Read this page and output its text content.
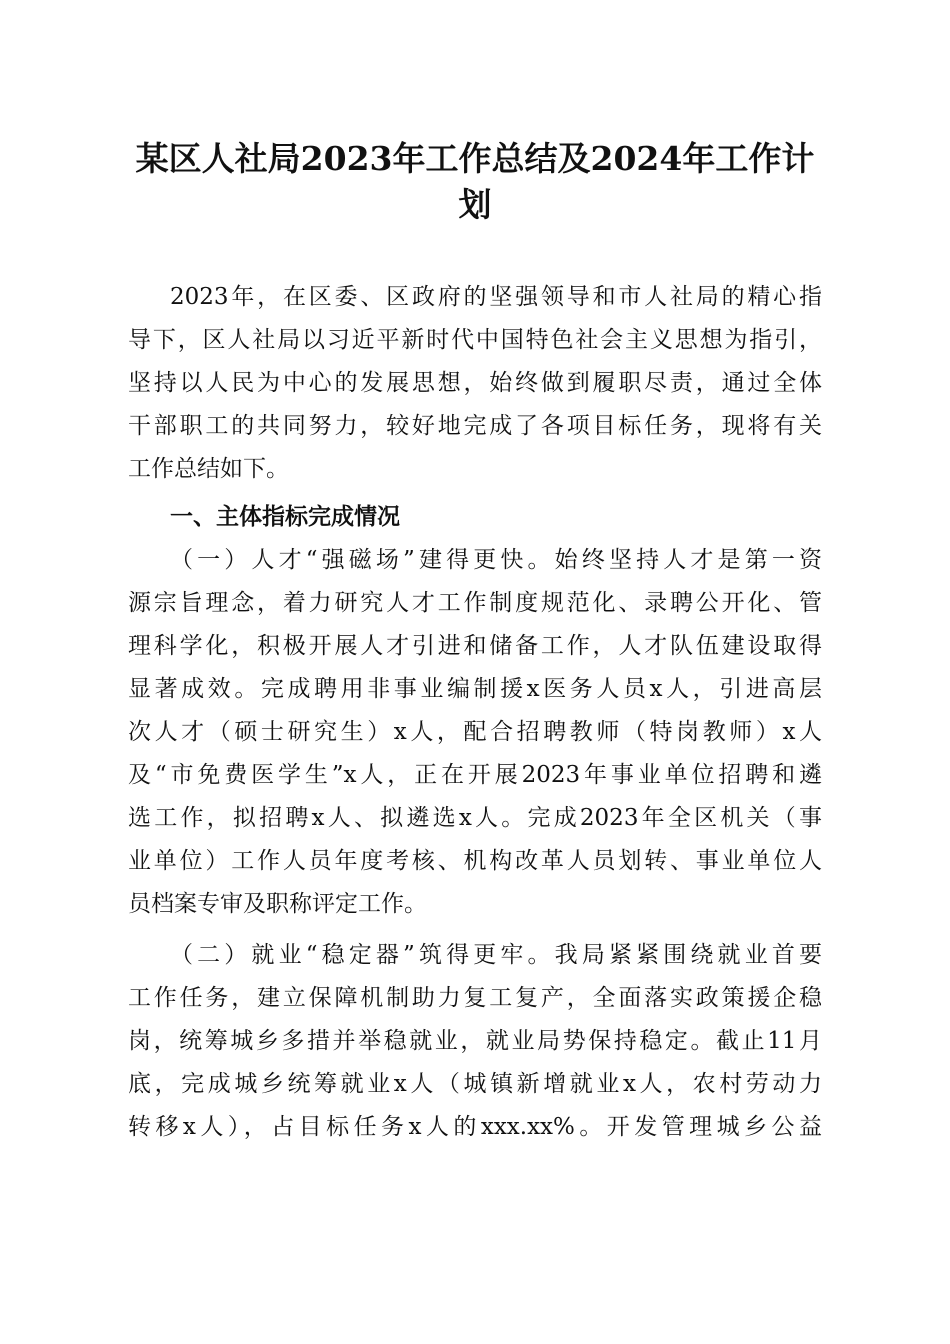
某区人社局2023年工作总结及2024年工作计
划
2023年，在区委、区政府的坚强领导和市人社局的精心指
导下，区人社局以习近平新时代中国特色社会主义思想为指引，
坚持以人民为中心的发展思想，始终做到履职尽责，通过全体
干部职工的共同努力，较好地完成了各项目标任务，现将有关
工作总结如下。
一、主体指标完成情况
（一）人才“强磁场”建得更快。始终坚持人才是第一资
源宗旨理念，着力研究人才工作制度规范化、录聘公开化、管
理科学化，积极开展人才引进和储备工作，人才队伍建设取得
显著成效。完成聘用非事业编制援x医务人员x人，引进高层
次人才（硕士研究生）x人，配合招聘教师（特岗教师）x人
及“市免费医学生”x人，正在开展2023年事业单位招聘和遴
选工作，拟招聘x人、拟遴选x人。完成2023年全区机关（事
业单位）工作人员年度考核、机构改革人员划转、事业单位人
员档案专审及职称评定工作。
（二）就业“稳定器”筑得更牢。我局紧紧围绕就业首要
工作任务，建立保障机制助力复工复产，全面落实政策援企稳
岗，统筹城乡多措并举稳就业，就业局势保持稳定。截止11月
底，完成城乡统筹就业x人（城镇新增就业x人，农村劳动力
转移x人），占目标任务x人的xxx.xx%。开发管理城乡公益
